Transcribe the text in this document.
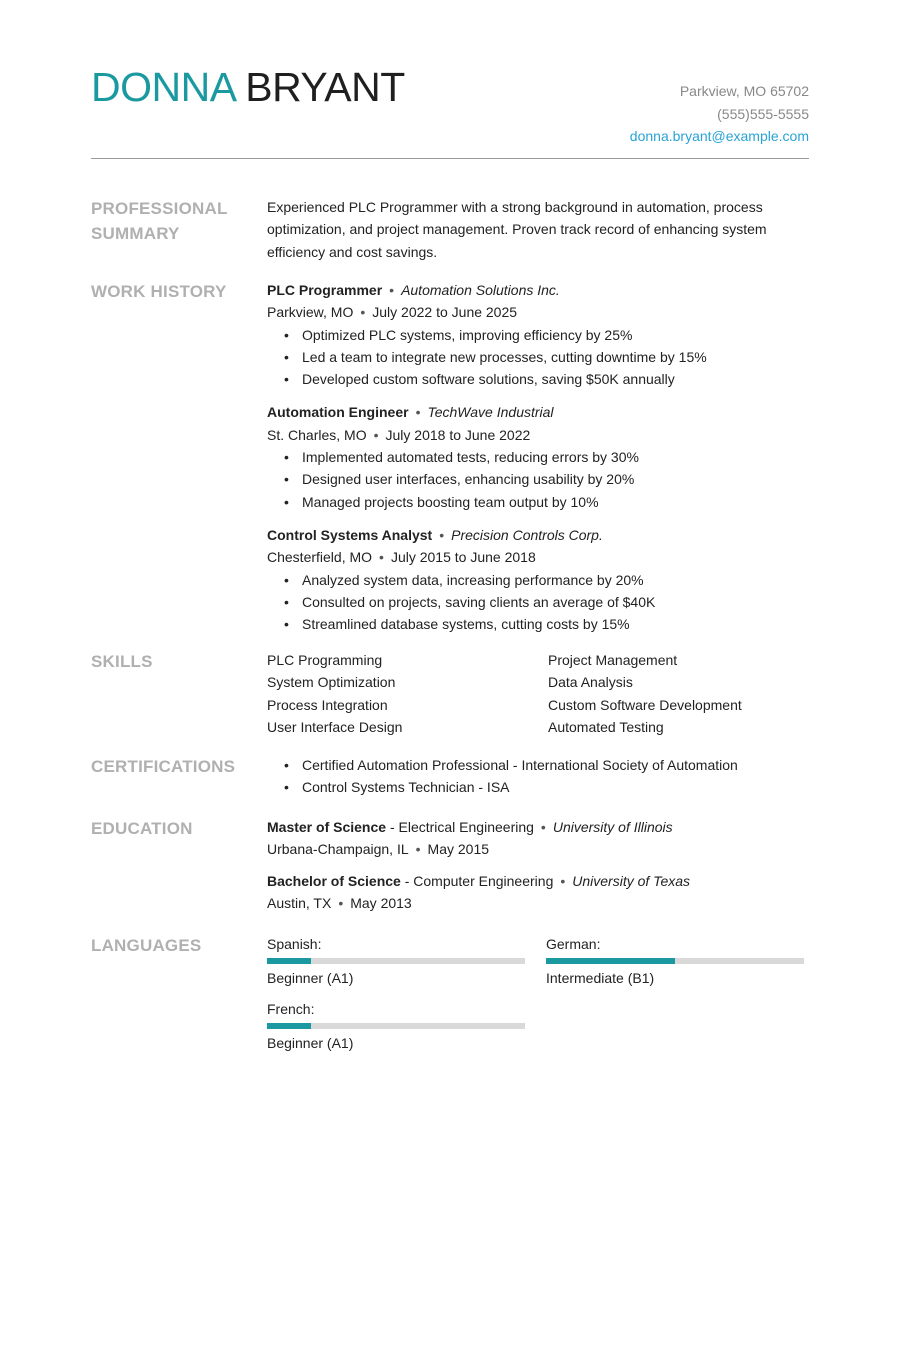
DONNA BRYANT	Parkview, MO 65702
(555)555-5555
donna.bryant@example.com
PROFESSIONAL SUMMARY
Experienced PLC Programmer with a strong background in automation, process optimization, and project management. Proven track record of enhancing system efficiency and cost savings.
WORK HISTORY	PLC Programmer • Automation Solutions Inc.
Parkview, MO • July 2022 to June 2025
• Optimized PLC systems, improving efficiency by 25%
• Led a team to integrate new processes, cutting downtime by 15%
• Developed custom software solutions, saving $50K annually
Automation Engineer • TechWave Industrial
St. Charles, MO • July 2018 to June 2022
• Implemented automated tests, reducing errors by 30%
• Designed user interfaces, enhancing usability by 20%
• Managed projects boosting team output by 10%
Control Systems Analyst • Precision Controls Corp.
Chesterfield, MO • July 2015 to June 2018
• Analyzed system data, increasing performance by 20%
• Consulted on projects, saving clients an average of $40K
• Streamlined database systems, cutting costs by 15%
SKILLS	PLC Programming	Project Management
System Optimization	Data Analysis
Process Integration	Custom Software Development
User Interface Design	Automated Testing
CERTIFICATIONS
•	Certified Automation Professional - International Society of Automation
• Control Systems Technician - ISA
EDUCATION	Master of Science - Electrical Engineering • University of Illinois
Urbana-Champaign, IL • May 2015
Bachelor of Science - Computer Engineering • University of Texas
Austin, TX • May 2013
LANGUAGES	Spanish:
Beginner (A1)
German:
Intermediate (B1)
French:
Beginner (A1)
